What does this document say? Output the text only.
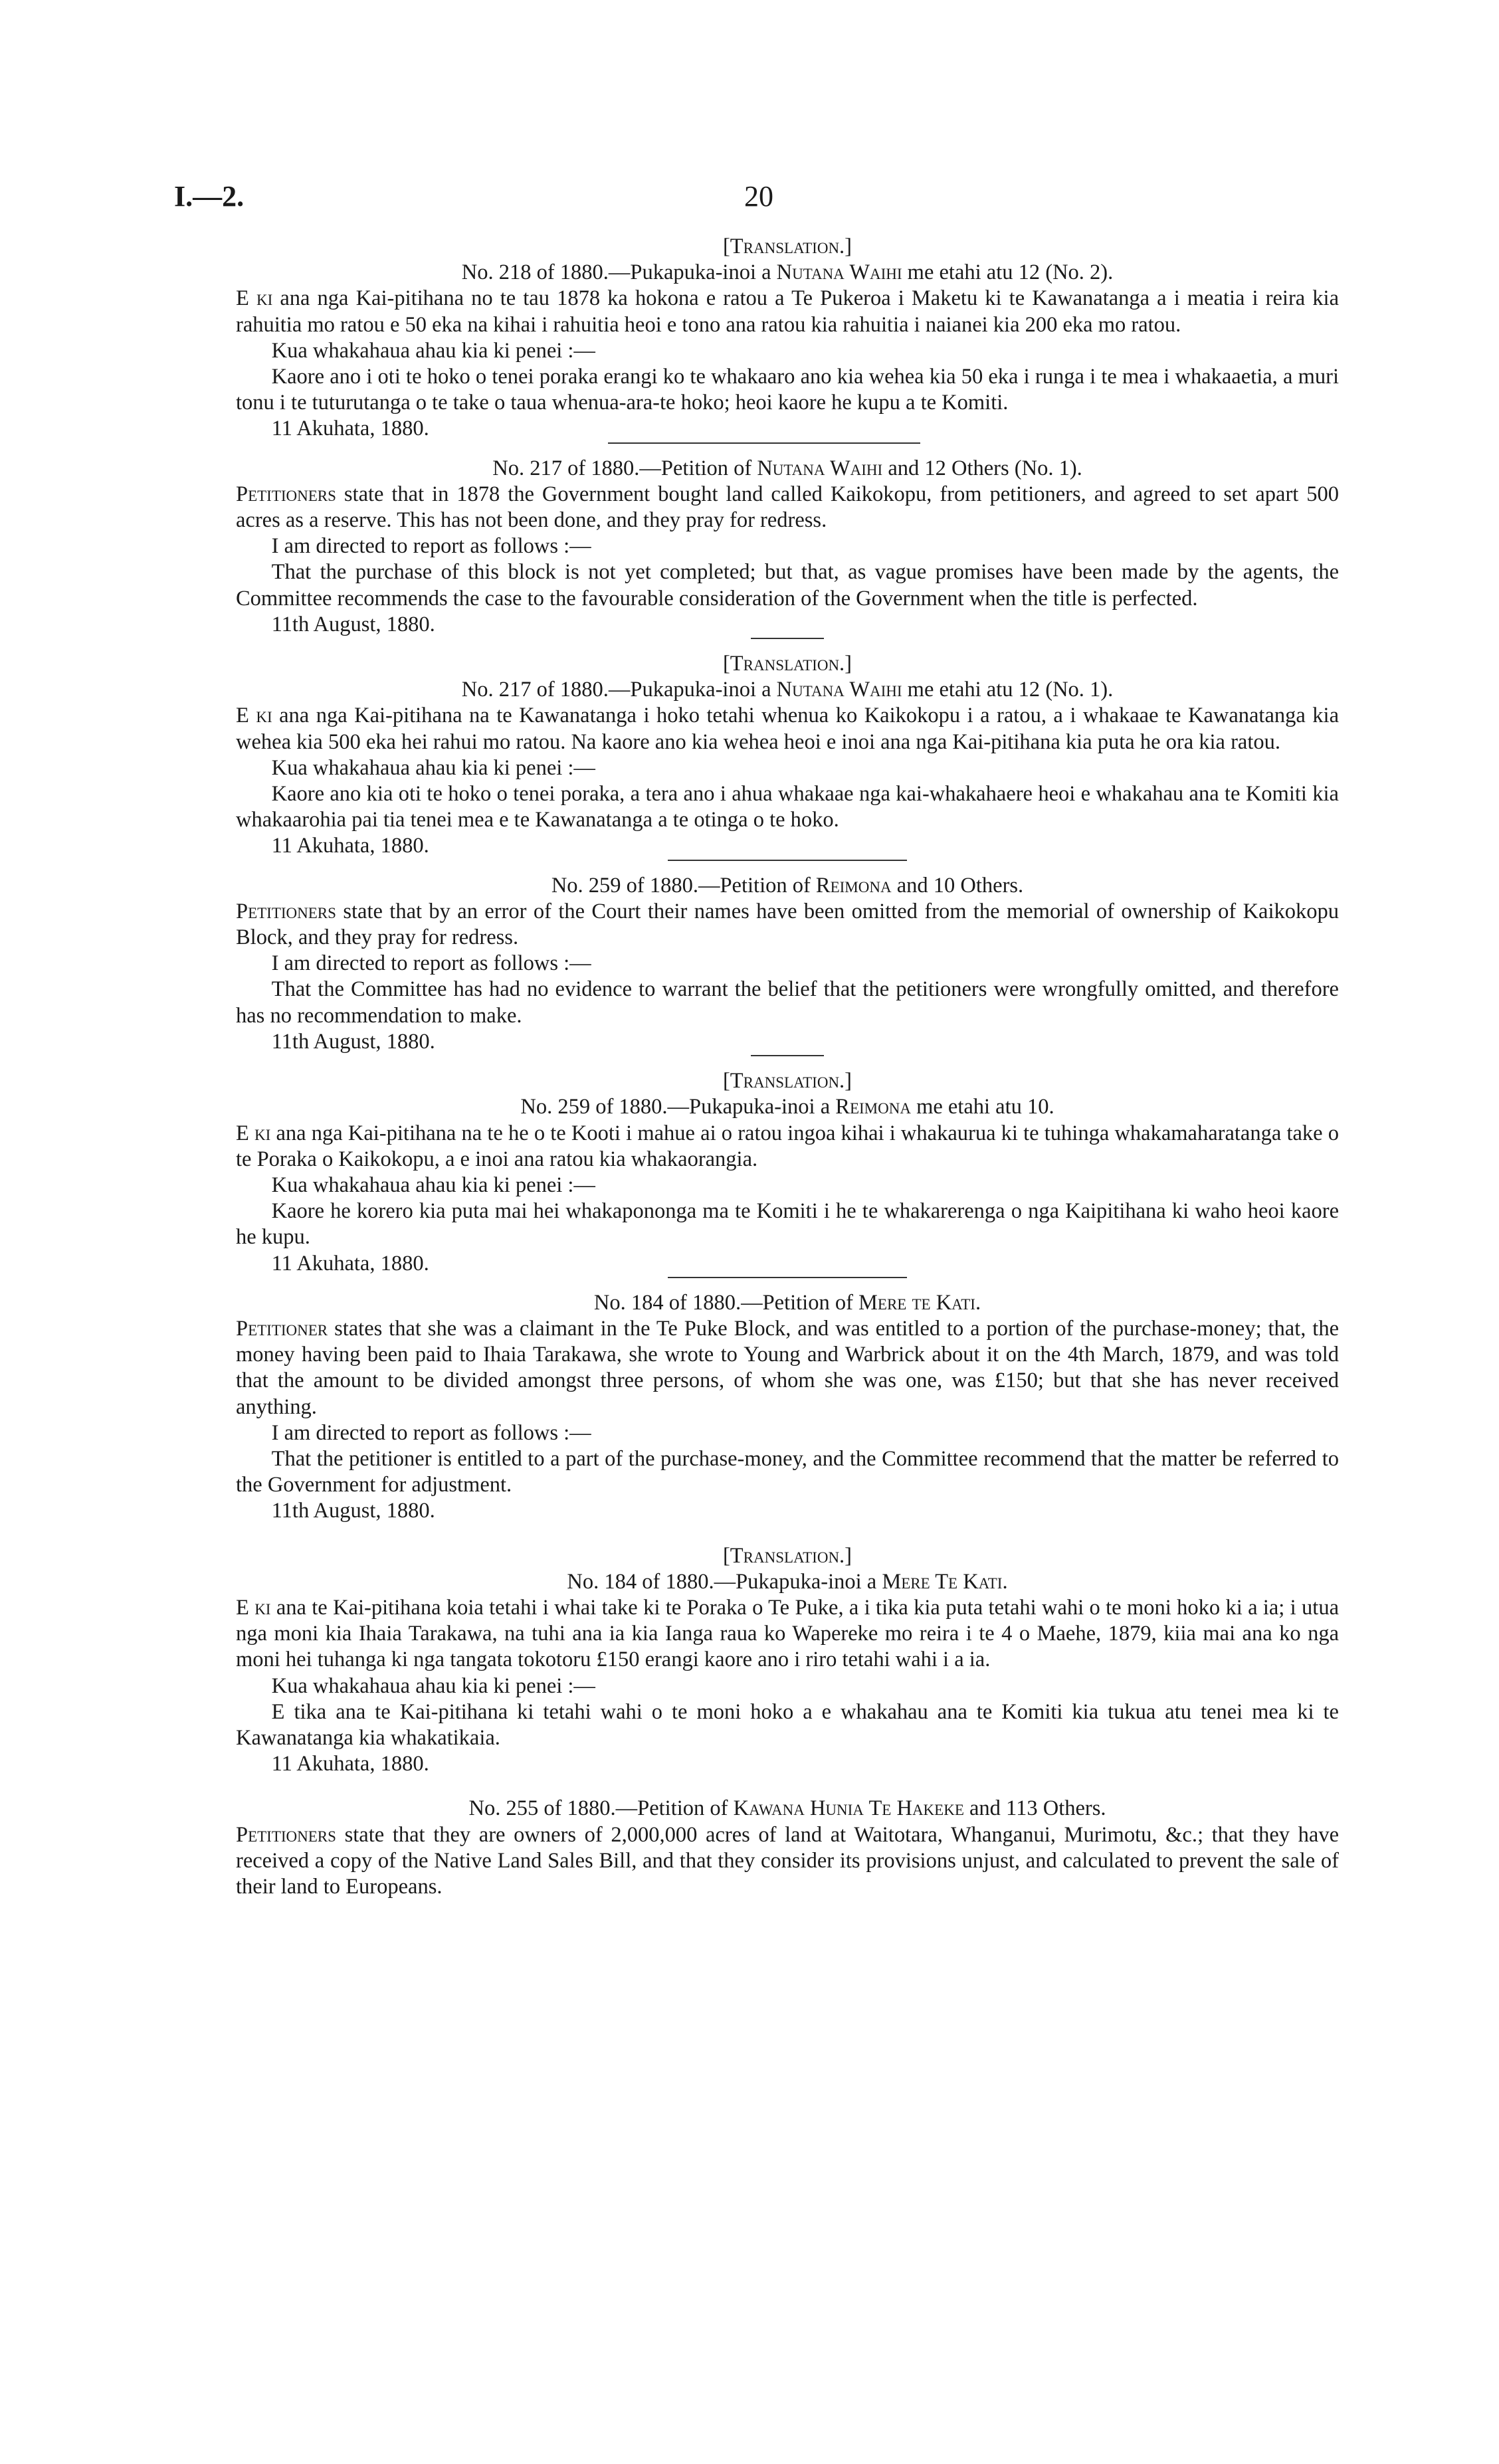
I.—2.	20

[Translation.]

No. 218 of 1880.—Pukapuka-inoi a Nutana Waihi me etahi atu 12 (No. 2).

E ki ana nga Kai-pitihana no te tau 1878 ka hokona e ratou a Te Pukeroa i Maketu ki te Kawanatanga a i meatia i reira kia rahuitia mo ratou e 50 eka na kihai i rahuitia heoi e tono ana ratou kia rahuitia i naianei kia 200 eka mo ratou.

Kua whakahaua ahau kia ki penei :—

Kaore ano i oti te hoko o tenei poraka erangi ko te whakaaro ano kia wehea kia 50 eka i runga i te mea i whakaaetia, a muri tonu i te tuturutanga o te take o taua whenua-ara-te hoko; heoi kaore he kupu a te Komiti.

11 Akuhata, 1880.

No. 217 of 1880.—Petition of Nutana Waihi and 12 Others (No. 1).

Petitioners state that in 1878 the Government bought land called Kaikokopu, from petitioners, and agreed to set apart 500 acres as a reserve. This has not been done, and they pray for redress.

I am directed to report as follows :—

That the purchase of this block is not yet completed; but that, as vague promises have been made by the agents, the Committee recommends the case to the favourable consideration of the Government when the title is perfected.

11th August, 1880.

[Translation.]

No. 217 of 1880.—Pukapuka-inoi a Nutana Waihi me etahi atu 12 (No. 1).

E ki ana nga Kai-pitihana na te Kawanatanga i hoko tetahi whenua ko Kaikokopu i a ratou, a i whakaae te Kawanatanga kia wehea kia 500 eka hei rahui mo ratou. Na kaore ano kia wehea heoi e inoi ana nga Kai-pitihana kia puta he ora kia ratou.

Kua whakahaua ahau kia ki penei :—

Kaore ano kia oti te hoko o tenei poraka, a tera ano i ahua whakaae nga kai-whakahaere heoi e whakahau ana te Komiti kia whakaarohia pai tia tenei mea e te Kawanatanga a te otinga o te hoko.

11 Akuhata, 1880.

No. 259 of 1880.—Petition of Reimona and 10 Others.

Petitioners state that by an error of the Court their names have been omitted from the memorial of ownership of Kaikokopu Block, and they pray for redress.

I am directed to report as follows :—

That the Committee has had no evidence to warrant the belief that the petitioners were wrongfully omitted, and therefore has no recommendation to make.

11th August, 1880.

[Translation.]

No. 259 of 1880.—Pukapuka-inoi a Reimona me etahi atu 10.

E ki ana nga Kai-pitihana na te he o te Kooti i mahue ai o ratou ingoa kihai i whakaurua ki te tuhinga whakamaharatanga take o te Poraka o Kaikokopu, a e inoi ana ratou kia whakaorangia.

Kua whakahaua ahau kia ki penei :—

Kaore he korero kia puta mai hei whakapononga ma te Komiti i he te whakarerenga o nga Kaipitihana ki waho heoi kaore he kupu.

11 Akuhata, 1880.

No. 184 of 1880.—Petition of Mere te Kati.

Petitioner states that she was a claimant in the Te Puke Block, and was entitled to a portion of the purchase-money; that, the money having been paid to Ihaia Tarakawa, she wrote to Young and Warbrick about it on the 4th March, 1879, and was told that the amount to be divided amongst three persons, of whom she was one, was £150; but that she has never received anything.

I am directed to report as follows :—

That the petitioner is entitled to a part of the purchase-money, and the Committee recommend that the matter be referred to the Government for adjustment.

11th August, 1880.

[Translation.]

No. 184 of 1880.—Pukapuka-inoi a Mere Te Kati.

E ki ana te Kai-pitihana koia tetahi i whai take ki te Poraka o Te Puke, a i tika kia puta tetahi wahi o te moni hoko ki a ia; i utua nga moni kia Ihaia Tarakawa, na tuhi ana ia kia Ianga raua ko Wapereke mo reira i te 4 o Maehe, 1879, kiia mai ana ko nga moni hei tuhanga ki nga tangata tokotoru £150 erangi kaore ano i riro tetahi wahi i a ia.

Kua whakahaua ahau kia ki penei :—

E tika ana te Kai-pitihana ki tetahi wahi o te moni hoko a e whakahau ana te Komiti kia tukua atu tenei mea ki te Kawanatanga kia whakatikaia.

11 Akuhata, 1880.

No. 255 of 1880.—Petition of Kawana Hunia Te Hakeke and 113 Others.

Petitioners state that they are owners of 2,000,000 acres of land at Waitotara, Whanganui, Murimotu, &c.; that they have received a copy of the Native Land Sales Bill, and that they consider its provisions unjust, and calculated to prevent the sale of their land to Europeans.
